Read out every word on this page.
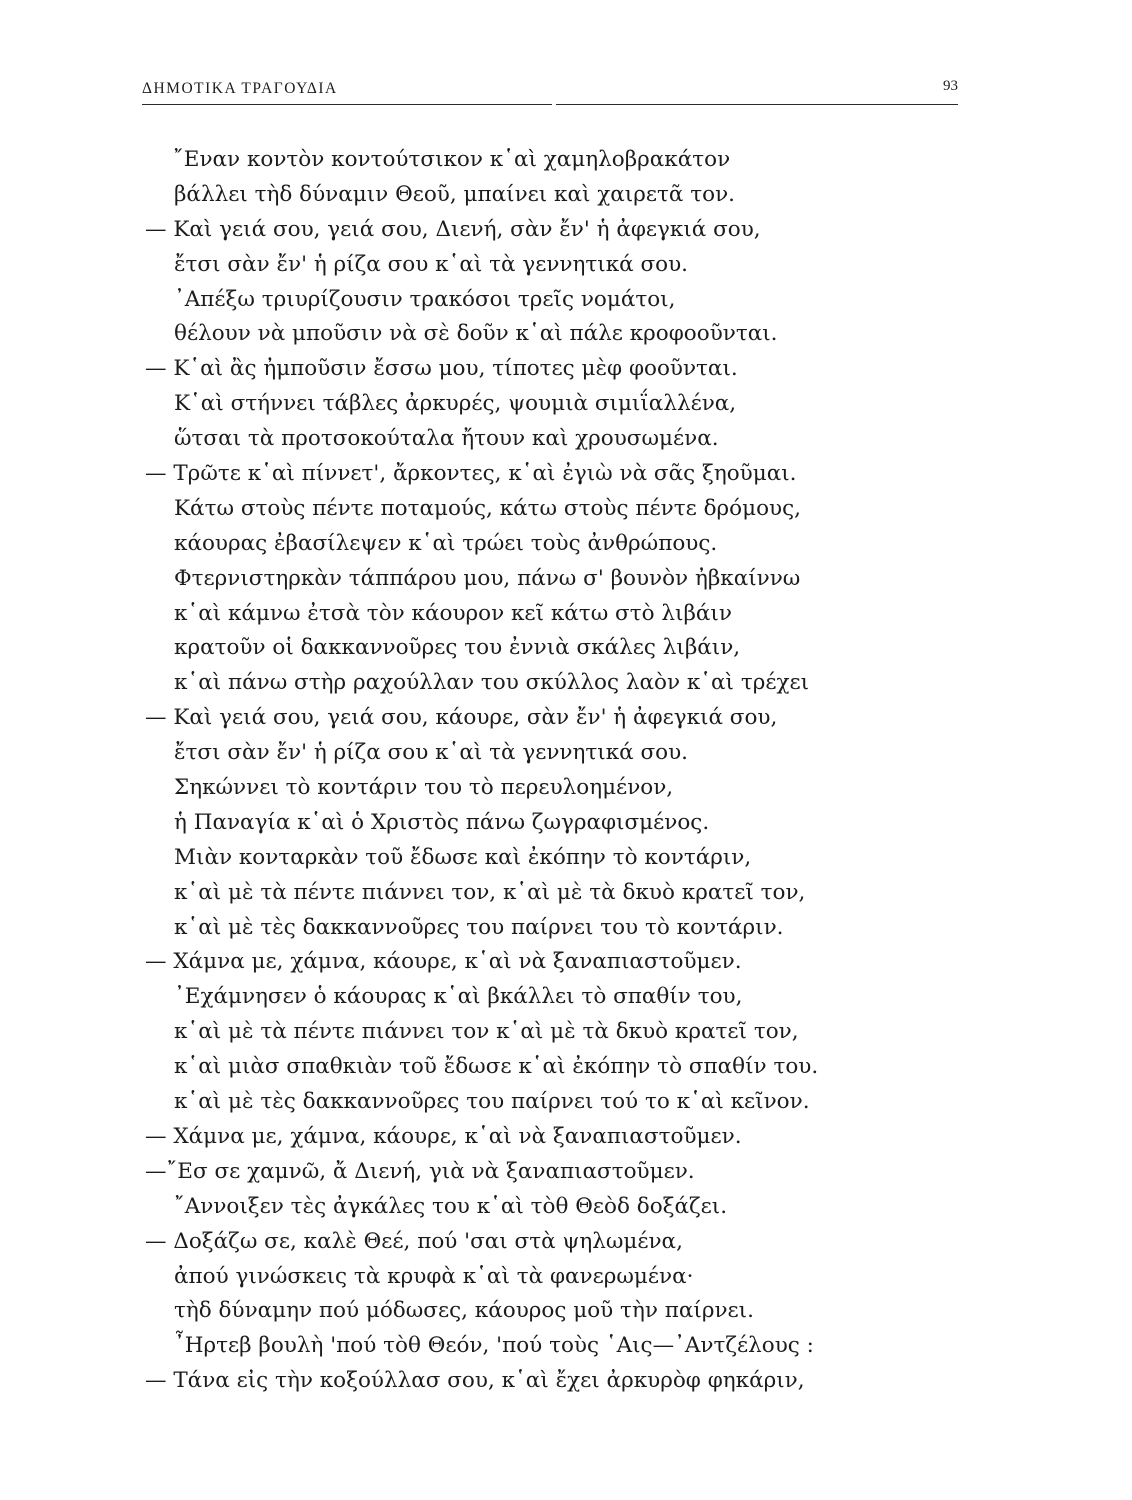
ΔΗΜΟΤΙΚΑ ΤΡΑΓΟΥΔΙΑ	93
῎Εναν κοντὸν κοντούτσικον κ῾αὶ χαμηλοβρακάτον
βάλλει τὴδ δύναμιν Θεοῦ, μπαίνει καὶ χαιρετᾶ τον.
— Καὶ γειά σου, γειά σου, Διενή, σὰν ἔν' ἡ ἀφεγκιά σου,
ἔτσι σὰν ἔν' ἡ ρίζα σου κ῾αὶ τὰ γεννητικά σου.
᾽Απέξω τριυρίζουσιν τρακόσοι τρεῖς νομάτοι,
θέλουν νὰ μποῦσιν νὰ σὲ δοῦν κ῾αὶ πάλε κροφοοῦνται.
— Κ῾αὶ ἂς ἠμποῦσιν ἔσσω μου, τίποτες μὲφ φοοῦνται.
Κ῾αὶ στήννει τάβλες ἀρκυρές, ψουμιὰ σιμιΐαλλένα,
ὥτσαι τὰ προτσοκούταλα ἤτουν καὶ χρουσωμένα.
— Τρῶτε κ῾αὶ πίννετ', ἄρκοντες, κ῾αὶ ἐγιὼ νὰ σᾶς ξηοῦμαι.
Κάτω στοὺς πέντε ποταμούς, κάτω στοὺς πέντε δρόμους,
κάουρας ἐβασίλεψεν κ῾αὶ τρώει τοὺς ἀνθρώπους.
Φτερνιστηρκὰν τάππάρου μου, πάνω σ' βουνὸν ἠβκαίννω
κ῾αὶ κάμνω ἐτσὰ τὸν κάουρον κεῖ κάτω στὸ λιβάιν
κρατοῦν οἱ δακκαννοῦρες του ἐννιὰ σκάλες λιβάιν,
κ῾αὶ πάνω στὴρ ραχούλλαν του σκύλλος λαὸν κ῾αὶ τρέχει
— Καὶ γειά σου, γειά σου, κάουρε, σὰν ἔν' ἡ ἀφεγκιά σου,
ἔτσι σὰν ἔν' ἡ ρίζα σου κ῾αὶ τὰ γεννητικά σου.
Σηκώννει τὸ κοντάριν του τὸ περευλοημένον,
ἡ Παναγία κ῾αὶ ὁ Χριστὸς πάνω ζωγραφισμένος.
Μιὰν κονταρκὰν τοῦ ἔδωσε καὶ ἐκόπην τὸ κοντάριν,
κ῾αὶ μὲ τὰ πέντε πιάννει τον, κ῾αὶ μὲ τὰ δκυὸ κρατεῖ τον,
κ῾αὶ μὲ τὲς δακκαννοῦρες του παίρνει του τὸ κοντάριν.
— Χάμνα με, χάμνα, κάουρε, κ῾αὶ νὰ ξαναπιαστοῦμεν.
᾽Εχάμνησεν ὁ κάουρας κ῾αὶ βκάλλει τὸ σπαθίν του,
κ῾αὶ μὲ τὰ πέντε πιάννει τον κ῾αὶ μὲ τὰ δκυὸ κρατεῖ τον,
κ῾αὶ μιὰσ σπαθκιὰν τοῦ ἔδωσε κ῾αὶ ἐκόπην τὸ σπαθίν του.
κ῾αὶ μὲ τὲς δακκαννοῦρες του παίρνει τού το κ῾αὶ κεῖνον.
— Χάμνα με, χάμνα, κάουρε, κ῾αὶ νὰ ξαναπιαστοῦμεν.
—῎Εσ σε χαμνῶ, ἄ Διενή, γιὰ νὰ ξαναπιαστοῦμεν.
῎Αννοιξεν τὲς ἀγκάλες του κ῾αὶ τὸθ Θεὸδ δοξάζει.
— Δοξάζω σε, καλὲ Θεέ, πού 'σαι στὰ ψηλωμένα,
ἀπού γινώσκεις τὰ κρυφὰ κ῾αὶ τὰ φανερωμένα·
τὴδ δύναμην πού μόδωσες, κάουρος μοῦ τὴν παίρνει.
῏Ηρτεβ βουλὴ 'πού τὸθ Θεόν, 'πού τοὺς ῾Αις—᾽Αντζέλους :
— Τάνα εἰς τὴν κοξούλλασ σου, κ῾αὶ ἔχει ἀρκυρὸφ φηκάριν,
